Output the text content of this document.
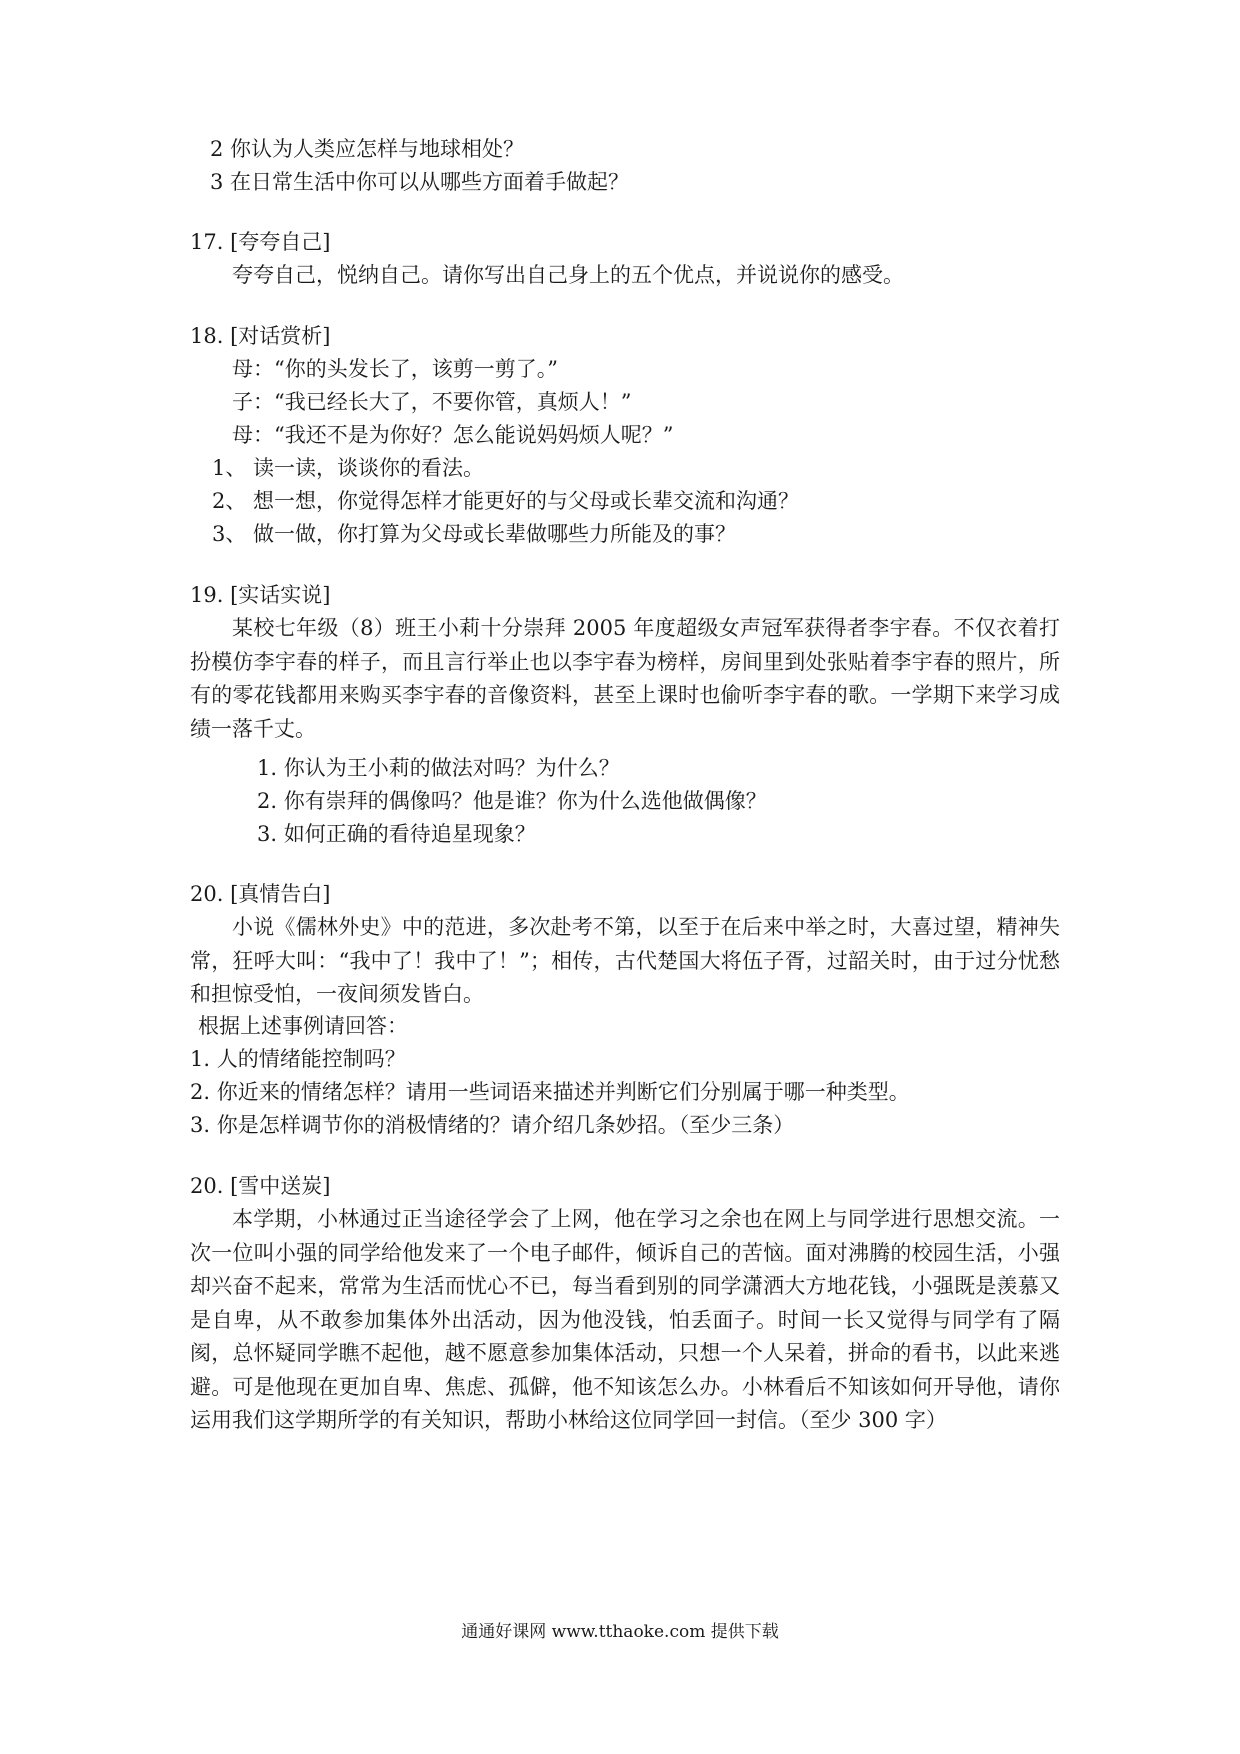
2 你认为人类应怎样与地球相处？
3 在日常生活中你可以从哪些方面着手做起？
17. [夸夸自己]
夸夸自己，悦纳自己。请你写出自己身上的五个优点，并说说你的感受。
18. [对话赏析]
母：“你的头发长了，该剪一剪了。”
子：“我已经长大了，不要你管，真烦人！”
母：“我还不是为你好？怎么能说妈妈烦人呢？”
1、 读一读，谈谈你的看法。
2、 想一想，你觉得怎样才能更好的与父母或长辈交流和沟通？
3、 做一做，你打算为父母或长辈做哪些力所能及的事？
19. [实话实说]
某校七年级（8）班王小莉十分崇拜 2005 年度超级女声冠军获得者李宇春。不仅衣着打扮模仿李宇春的样子，而且言行举止也以李宇春为榜样，房间里到处张贴着李宇春的照片，所有的零花钱都用来购买李宇春的音像资料，甚至上课时也偷听李宇春的歌。一学期下来学习成绩一落千丈。
1. 你认为王小莉的做法对吗？为什么？
2. 你有崇拜的偶像吗？他是谁？你为什么选他做偶像？
3. 如何正确的看待追星现象？
20. [真情告白]
小说《儒林外史》中的范进，多次赴考不第，以至于在后来中举之时，大喜过望，精神失常，狂呼大叫：“我中了！我中了！”；相传，古代楚国大将伍子胥，过韶关时，由于过分忧愁和担惊受怕，一夜间须发皆白。
根据上述事例请回答：
1. 人的情绪能控制吗？
2. 你近来的情绪怎样？请用一些词语来描述并判断它们分别属于哪一种类型。
3. 你是怎样调节你的消极情绪的？请介绍几条妙招。（至少三条）
20. [雪中送炭]
本学期，小林通过正当途径学会了上网，他在学习之余也在网上与同学进行思想交流。一次一位叫小强的同学给他发来了一个电子邮件，倾诉自己的苦恼。面对沸腾的校园生活，小强却兴奋不起来，常常为生活而忧心不已，每当看到别的同学潇洒大方地花钱，小强既是羡慕又是自卑，从不敢参加集体外出活动，因为他没钱，怕丢面子。时间一长又觉得与同学有了隔阂，总怀疑同学瞧不起他，越不愿意参加集体活动，只想一个人呆着，拼命的看书，以此来逃避。可是他现在更加自卑、焦虑、孤僻，他不知该怎么办。小林看后不知该如何开导他，请你运用我们这学期所学的有关知识，帮助小林给这位同学回一封信。（至少 300 字）
通通好课网 www.tthaoke.com 提供下载
